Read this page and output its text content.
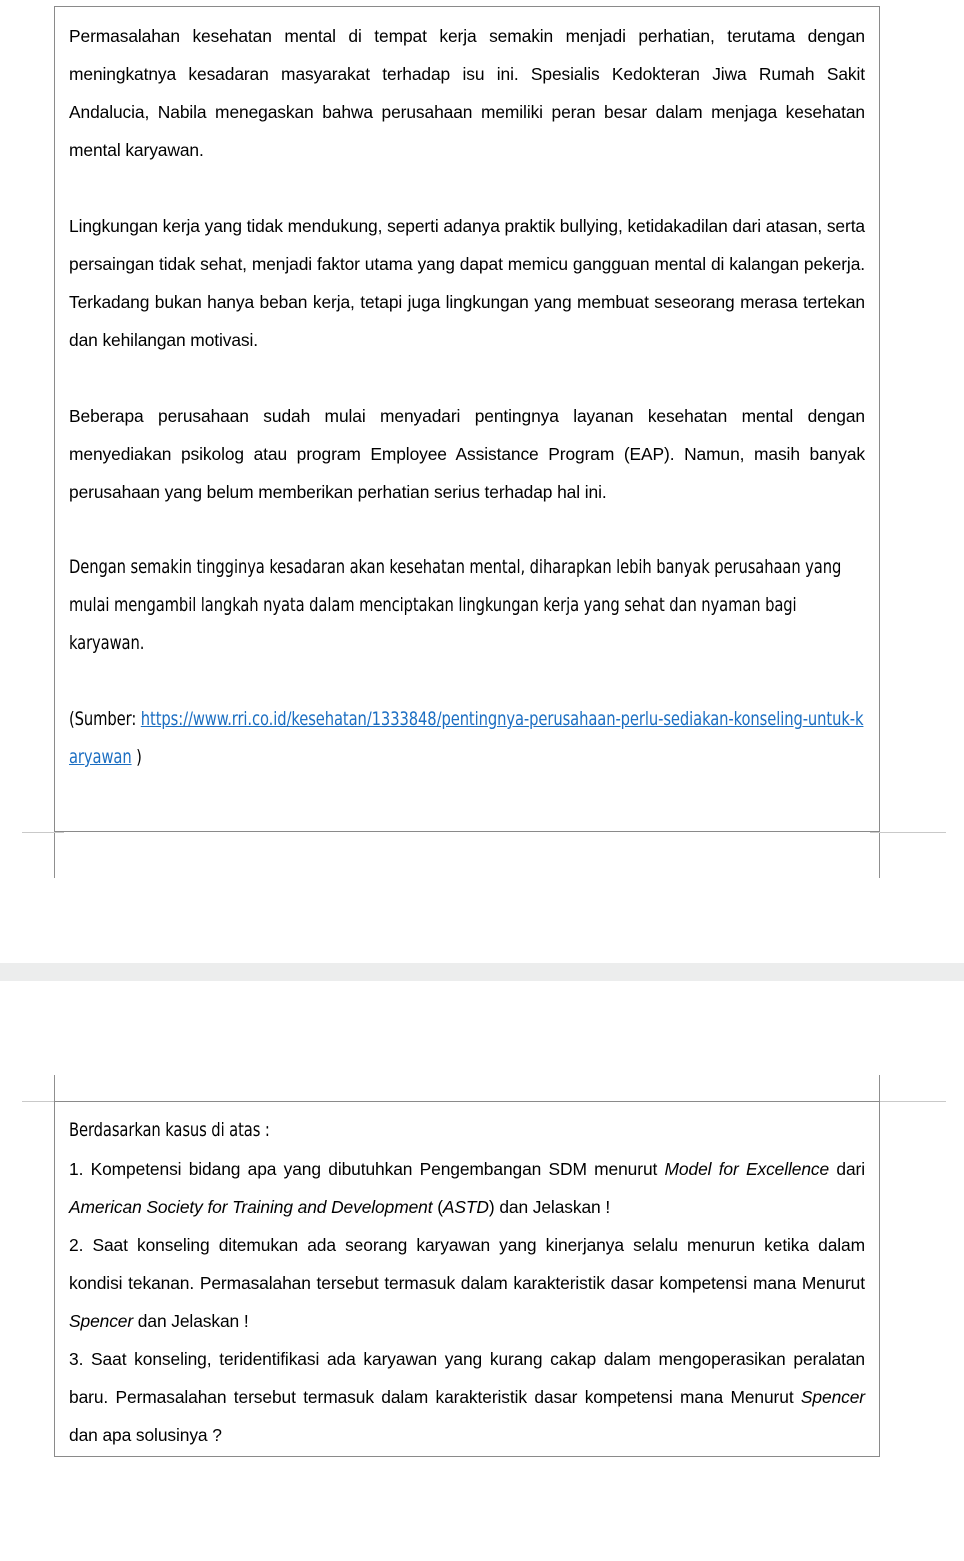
Permasalahan kesehatan mental di tempat kerja semakin menjadi perhatian, terutama dengan meningkatnya kesadaran masyarakat terhadap isu ini. Spesialis Kedokteran Jiwa Rumah Sakit Andalucia, Nabila menegaskan bahwa perusahaan memiliki peran besar dalam menjaga kesehatan mental karyawan.

Lingkungan kerja yang tidak mendukung, seperti adanya praktik bullying, ketidakadilan dari atasan, serta persaingan tidak sehat, menjadi faktor utama yang dapat memicu gangguan mental di kalangan pekerja. Terkadang bukan hanya beban kerja, tetapi juga lingkungan yang membuat seseorang merasa tertekan dan kehilangan motivasi.

Beberapa perusahaan sudah mulai menyadari pentingnya layanan kesehatan mental dengan menyediakan psikolog atau program Employee Assistance Program (EAP). Namun, masih banyak perusahaan yang belum memberikan perhatian serius terhadap hal ini.

Dengan semakin tingginya kesadaran akan kesehatan mental, diharapkan lebih banyak perusahaan yang mulai mengambil langkah nyata dalam menciptakan lingkungan kerja yang sehat dan nyaman bagi karyawan.

(Sumber: https://www.rri.co.id/kesehatan/1333848/pentingnya-perusahaan-perlu-sediakan-konseling-untuk-karyawan )

Berdasarkan kasus di atas :

1. Kompetensi bidang apa yang dibutuhkan Pengembangan SDM menurut Model for Excellence dari American Society for Training and Development (ASTD) dan Jelaskan !

2. Saat konseling ditemukan ada seorang karyawan yang kinerjanya selalu menurun ketika dalam kondisi tekanan. Permasalahan tersebut termasuk dalam karakteristik dasar kompetensi mana Menurut Spencer dan Jelaskan !

3. Saat konseling, teridentifikasi ada karyawan yang kurang cakap dalam mengoperasikan peralatan baru. Permasalahan tersebut termasuk dalam karakteristik dasar kompetensi mana Menurut Spencer dan apa solusinya ?
